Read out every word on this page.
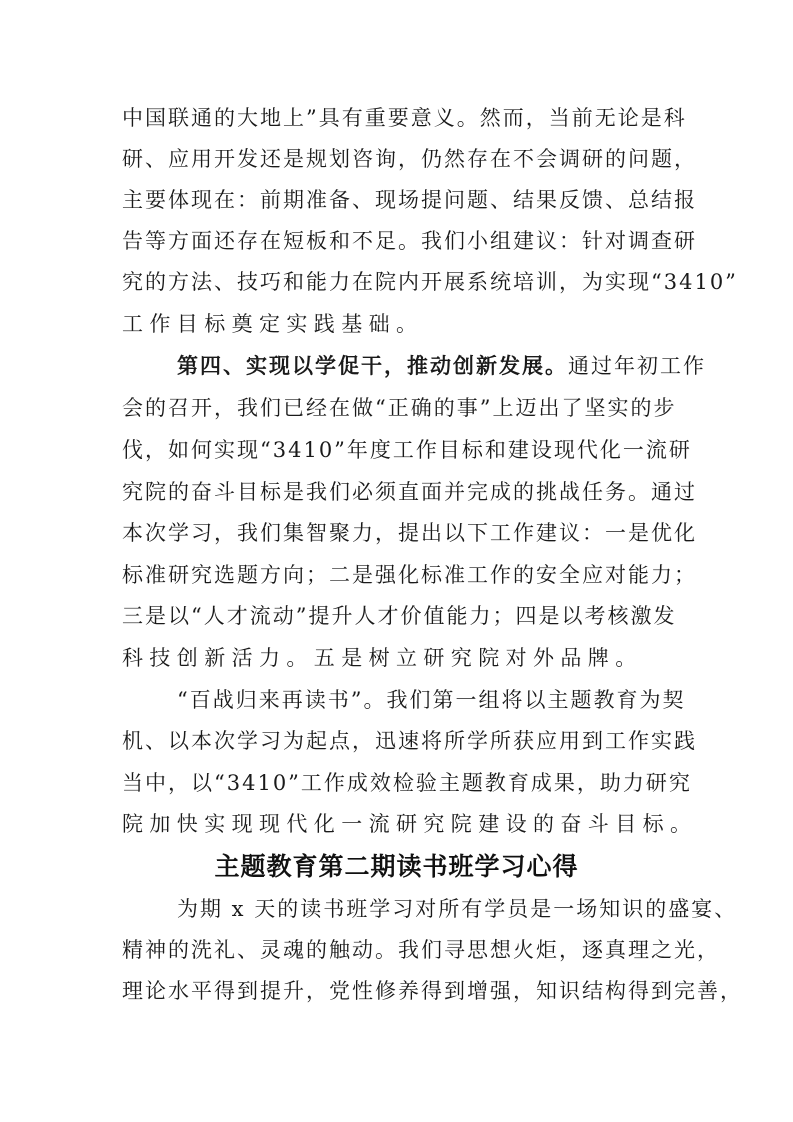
中国联通的大地上”具有重要意义。然而，当前无论是科
研、应用开发还是规划咨询，仍然存在不会调研的问题，
主要体现在：前期准备、现场提问题、结果反馈、总结报
告等方面还存在短板和不足。我们小组建议：针对调查研
究的方法、技巧和能力在院内开展系统培训，为实现“3410”
工作目标奠定实践基础。
第四、实现以学促干，推动创新发展。通过年初工作
会的召开，我们已经在做“正确的事”上迈出了坚实的步
伐，如何实现“3410”年度工作目标和建设现代化一流研
究院的奋斗目标是我们必须直面并完成的挑战任务。通过
本次学习，我们集智聚力，提出以下工作建议：一是优化
标准研究选题方向；二是强化标准工作的安全应对能力；
三是以“人才流动”提升人才价值能力；四是以考核激发
科技创新活力。五是树立研究院对外品牌。
“百战归来再读书”。我们第一组将以主题教育为契
机、以本次学习为起点，迅速将所学所获应用到工作实践
当中，以“3410”工作成效检验主题教育成果，助力研究
院加快实现现代化一流研究院建设的奋斗目标。
主题教育第二期读书班学习心得
为期 x 天的读书班学习对所有学员是一场知识的盛宴、
精神的洗礼、灵魂的触动。我们寻思想火炬，逐真理之光，
理论水平得到提升，党性修养得到增强，知识结构得到完善，
